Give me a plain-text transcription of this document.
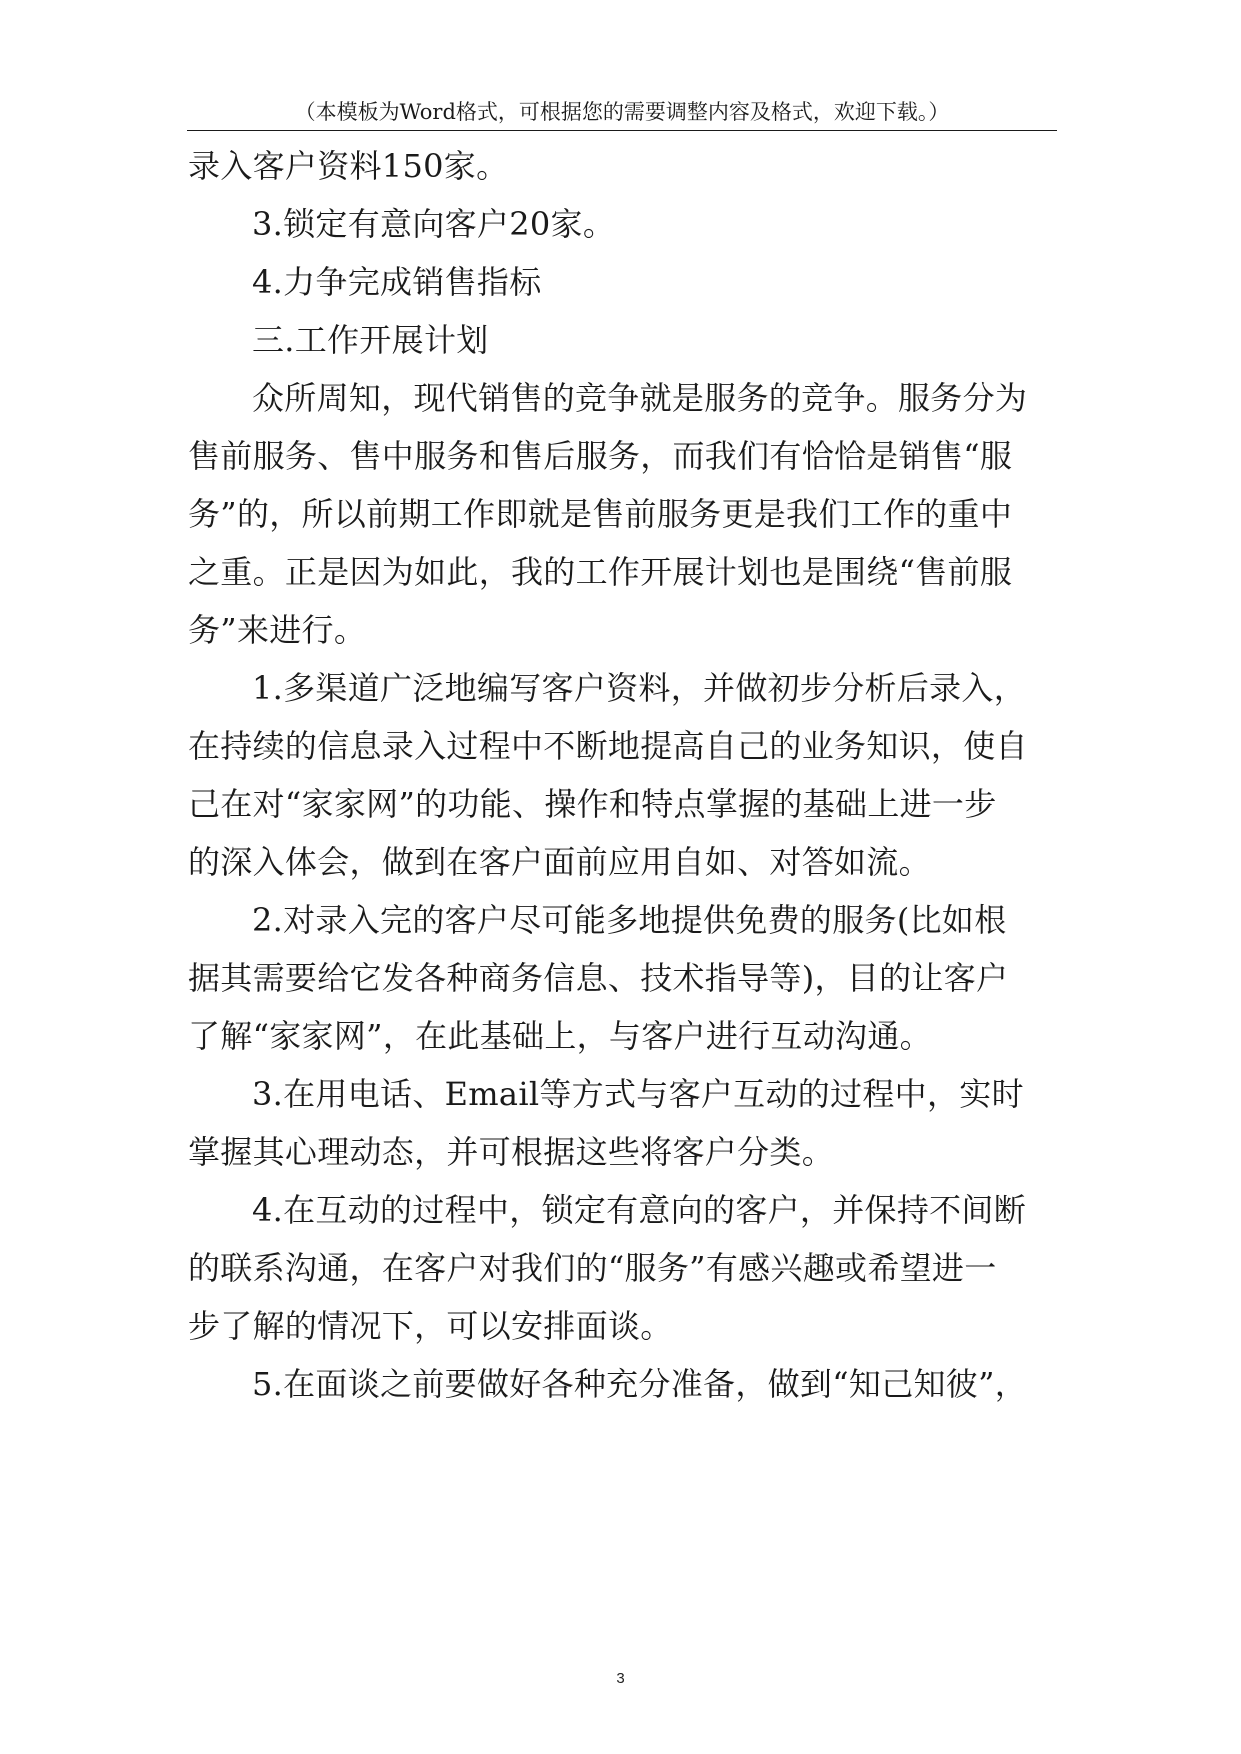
（本模板为Word格式，可根据您的需要调整内容及格式，欢迎下载。）
录入客户资料150家。
3.锁定有意向客户20家。
4.力争完成销售指标
三.工作开展计划
众所周知，现代销售的竞争就是服务的竞争。服务分为
售前服务、售中服务和售后服务，而我们有恰恰是销售“服
务”的，所以前期工作即就是售前服务更是我们工作的重中
之重。正是因为如此，我的工作开展计划也是围绕“售前服
务”来进行。
1.多渠道广泛地编写客户资料，并做初步分析后录入，
在持续的信息录入过程中不断地提高自己的业务知识，使自
己在对“家家网”的功能、操作和特点掌握的基础上进一步
的深入体会，做到在客户面前应用自如、对答如流。
2.对录入完的客户尽可能多地提供免费的服务(比如根
据其需要给它发各种商务信息、技术指导等)，目的让客户
了解“家家网”，在此基础上，与客户进行互动沟通。
3.在用电话、Email等方式与客户互动的过程中，实时
掌握其心理动态，并可根据这些将客户分类。
4.在互动的过程中，锁定有意向的客户，并保持不间断
的联系沟通，在客户对我们的“服务”有感兴趣或希望进一
步了解的情况下，可以安排面谈。
5.在面谈之前要做好各种充分准备，做到“知己知彼”，
3
